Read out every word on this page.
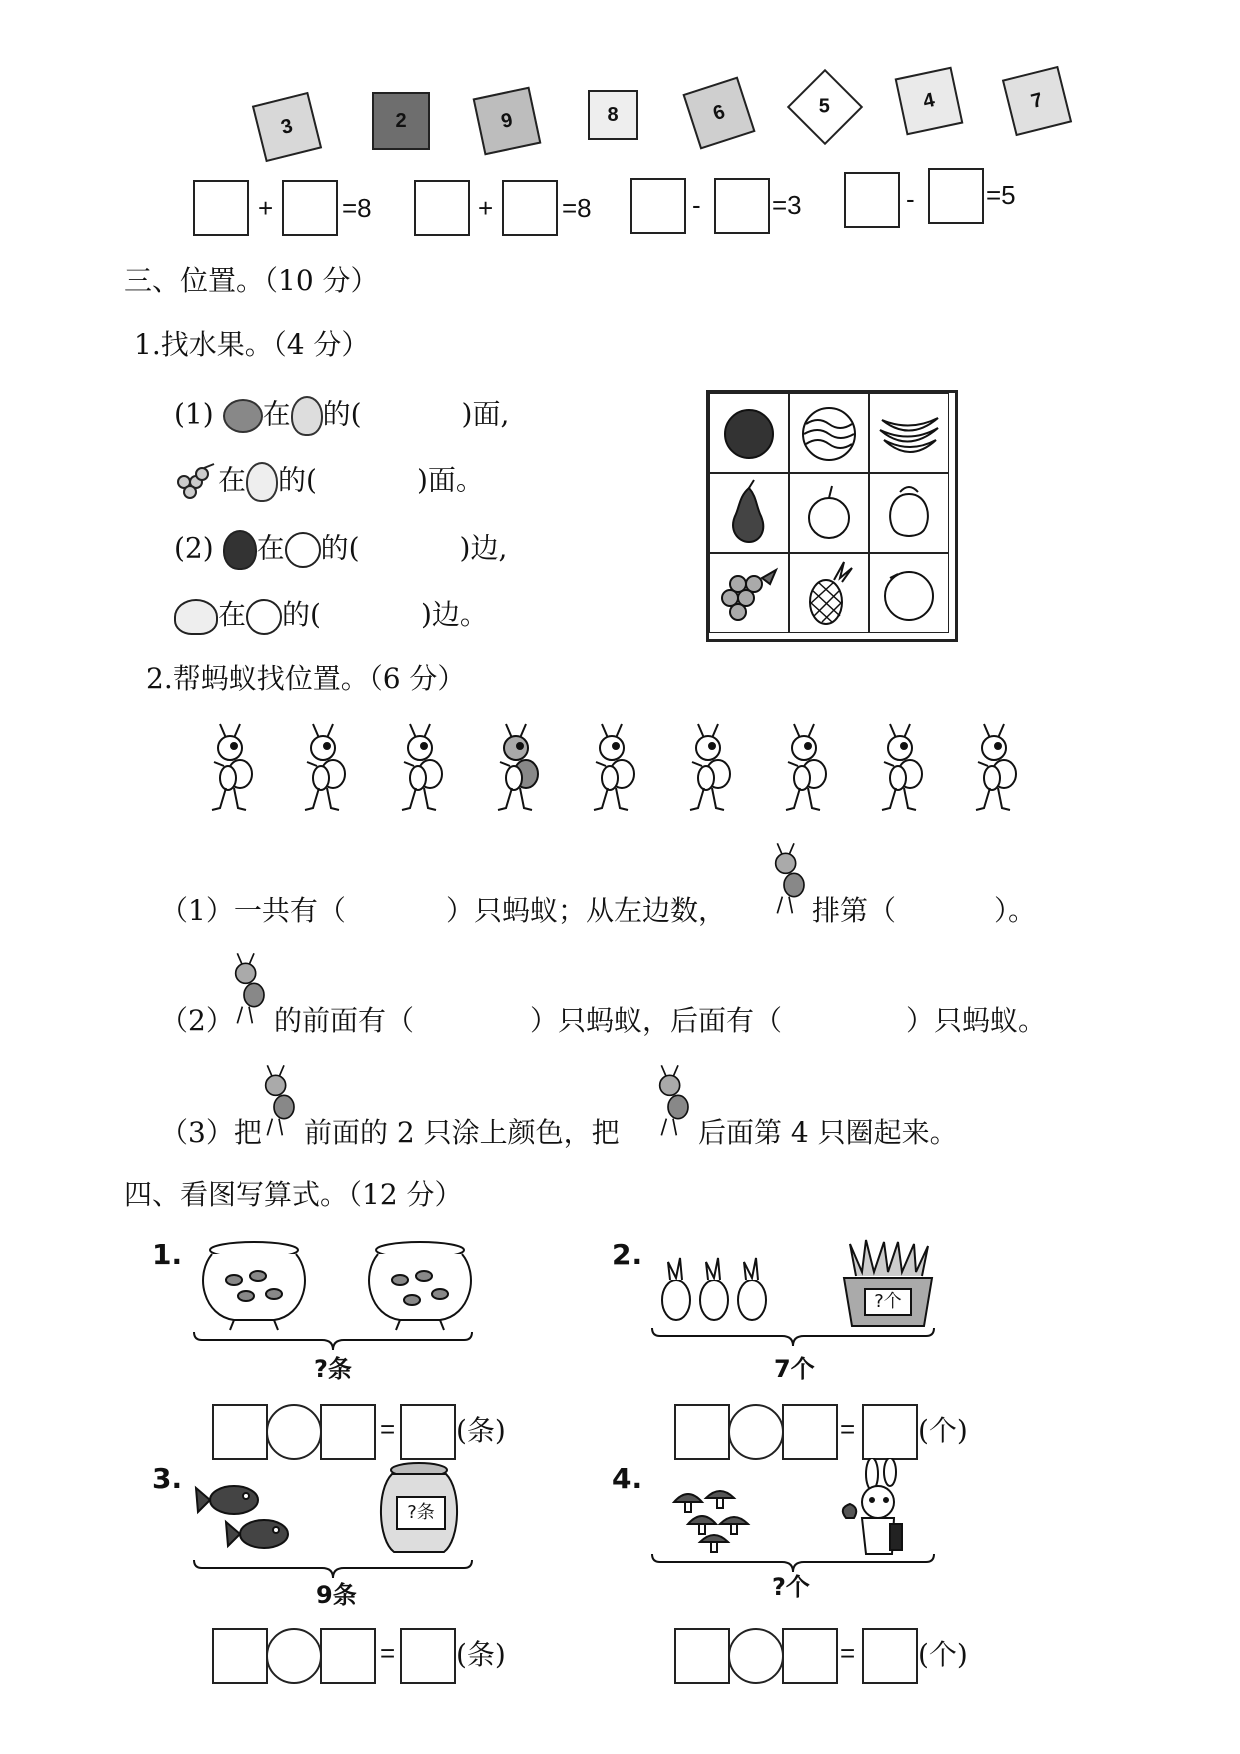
3	2	9	8	6	5	4	7
+	=8	+	=8	-	=3	-	=5
三、位置。（10 分）
1.找水果。（4 分）
(1) 在 的(	)面,
在 的(	)面。
(2) 在 的(	)边,
在 的(	)边。
2.帮蚂蚁找位置。（6 分）
（1）一共有（	）只蚂蚁；从左边数，	排第（	）。
（2） 的前面有（	）只蚂蚁，后面有（	）只蚂蚁。
（3）把 前面的 2 只涂上颜色，把	后面第 4 只圈起来。
四、看图写算式。（12 分）
1.
?条
= (条)
2.
?个
7个
= (个)
3.
?条
9条
= (条)
4.
?个
= (个)
